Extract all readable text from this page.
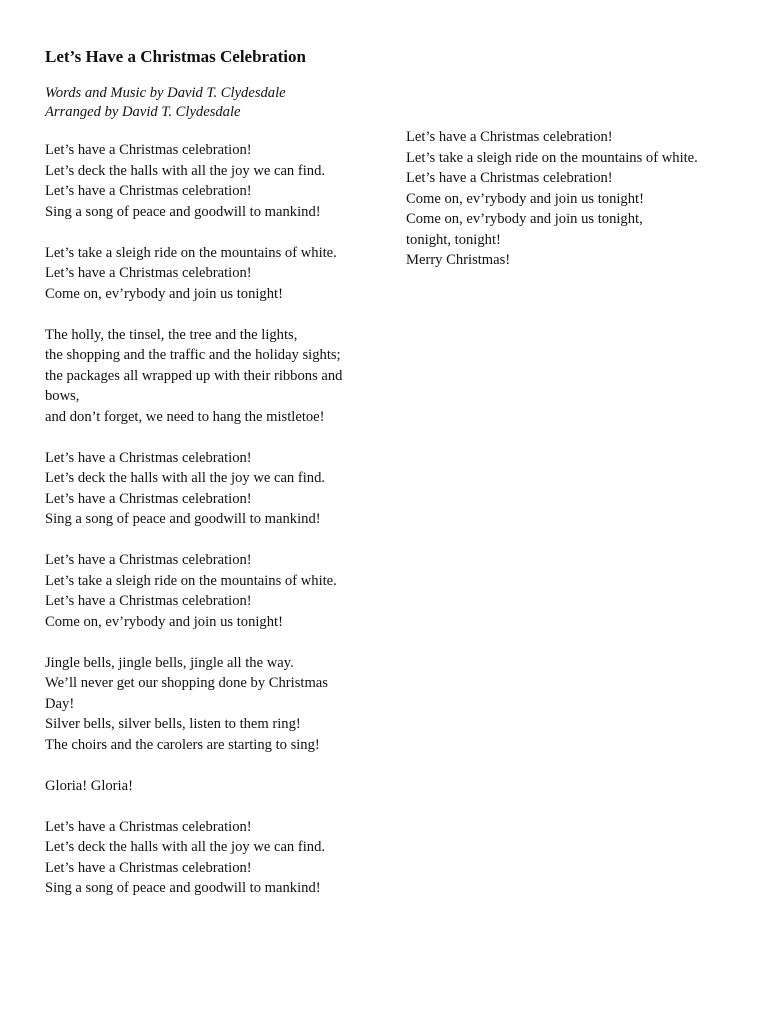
Let’s Have a Christmas Celebration
Words and Music by David T. Clydesdale
Arranged by David T. Clydesdale
Let’s have a Christmas celebration!
Let’s deck the halls with all the joy we can find.
Let’s have a Christmas celebration!
Sing a song of peace and goodwill to mankind!
Let’s take a sleigh ride on the mountains of white.
Let’s have a Christmas celebration!
Come on, ev’rybody and join us tonight!
The holly, the tinsel, the tree and the lights,
the shopping and the traffic and the holiday sights;
the packages all wrapped up with their ribbons and
bows,
and don’t forget, we need to hang the mistletoe!
Let’s have a Christmas celebration!
Let’s deck the halls with all the joy we can find.
Let’s have a Christmas celebration!
Sing a song of peace and goodwill to mankind!
Let’s have a Christmas celebration!
Let’s take a sleigh ride on the mountains of white.
Let’s have a Christmas celebration!
Come on, ev’rybody and join us tonight!
Jingle bells, jingle bells, jingle all the way.
We’ll never get our shopping done by Christmas
Day!
Silver bells, silver bells, listen to them ring!
The choirs and the carolers are starting to sing!
Gloria! Gloria!
Let’s have a Christmas celebration!
Let’s deck the halls with all the joy we can find.
Let’s have a Christmas celebration!
Sing a song of peace and goodwill to mankind!
Let’s have a Christmas celebration!
Let’s take a sleigh ride on the mountains of white.
Let’s have a Christmas celebration!
Come on, ev’rybody and join us tonight!
Come on, ev’rybody and join us tonight,
tonight, tonight!
Merry Christmas!
